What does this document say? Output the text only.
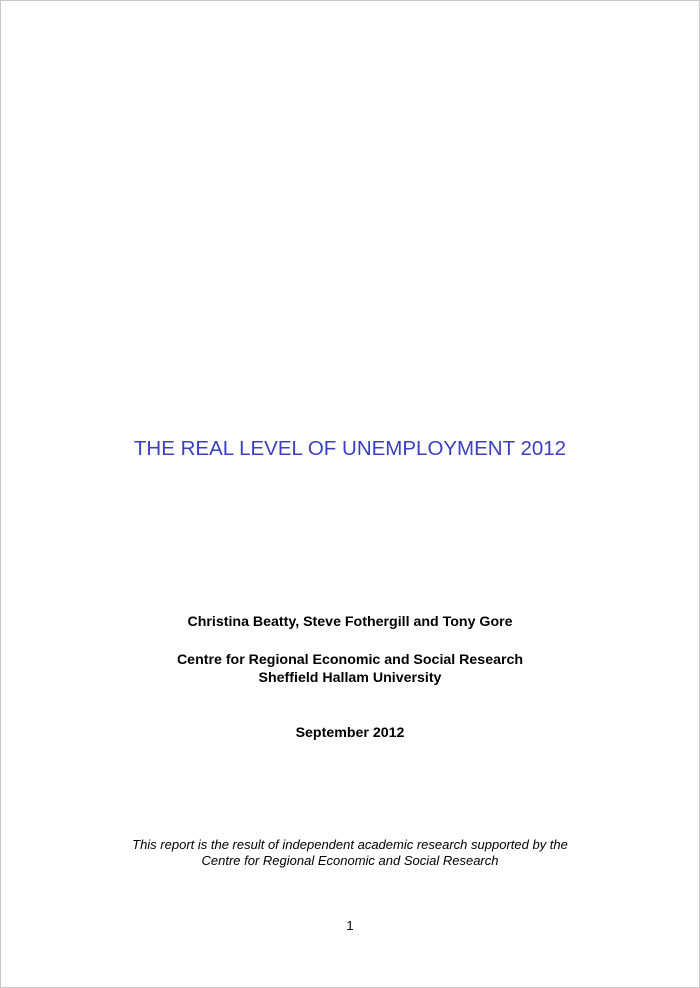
THE REAL LEVEL OF UNEMPLOYMENT 2012
Christina Beatty, Steve Fothergill and Tony Gore
Centre for Regional Economic and Social Research
Sheffield Hallam University
September 2012
This report is the result of independent academic research supported by the
Centre for Regional Economic and Social Research
1
